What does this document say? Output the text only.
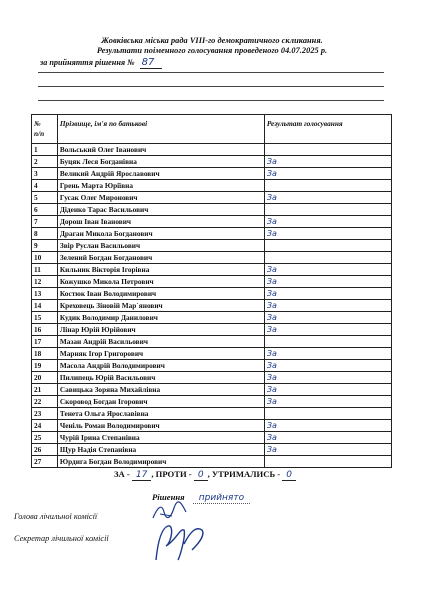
Жовківська міська рада VIII-го демократичного скликання.
Результати поіменного голосування проведеного 04.07.2025 р.
за прийняття рішення № 87
№
п/п	Прізвище, ім'я по батькові	Результат голосування
1	Вольський Олег Іванович	
2	Буцяк Леся Богданівна	За
3	Великий Андрій Ярославович	За
4	Грень Марта Юріївна	
5	Гусак Олег Миронович	За
6	Діденко Тарас Васильович	
7	Дорош Іван Іванович	За
8	Драган Микола Богданович	За
9	Звір Руслан Васильович	
10	Зелений Богдан Богданович	
11	Кильник Вікторія Ігорівна	За
12	Кожушко Микола Петрович	За
13	Костюк Іван Володимирович	За
14	Креховець Зіновій Мар`янович	За
15	Кудик Володимир Данилович	За
16	Лінар Юрій Юрійович	За
17	Мазан Андрій Васильович	
18	Марняк Ігор Григорович	За
19	Масола Андрій Володимирович	За
20	Пилипець Юрій Васильович	За
21	Савицька Зоряна Михайлівна	За
22	Скоровод Богдан Ігорович	За
23	Тенета Ольга Ярославівна	
24	Ченіль Роман Володимирович	За
25	Чурій Ірина Степанівна	За
26	Щур Надія Степанівна	За
27	Юрдига Богдан Володимирович	
ЗА - 17 , ПРОТИ - 0 , УТРИМАЛИСЬ - 0
Рішення прийнято
Голова лічильної комісії
Секретар лічильної комісії
